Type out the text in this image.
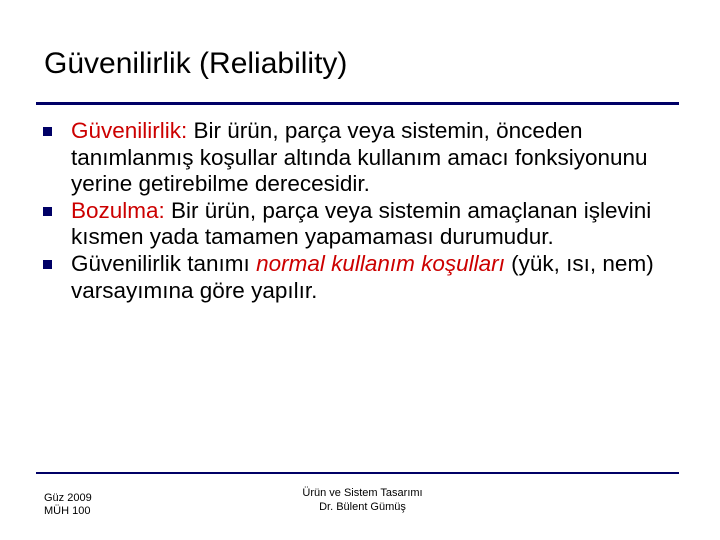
Güvenilirlik (Reliability)
Güvenilirlik: Bir ürün, parça veya sistemin, önceden tanımlanmış koşullar altında kullanım amacı fonksiyonunu yerine getirebilme derecesidir.
Bozulma: Bir ürün, parça veya sistemin amaçlanan işlevini kısmen yada tamamen yapamaması durumudur.
Güvenilirlik tanımı normal kullanım koşulları (yük, ısı, nem) varsayımına göre yapılır.
Güz 2009
MÜH 100
Ürün ve Sistem Tasarımı
Dr. Bülent Gümüş
